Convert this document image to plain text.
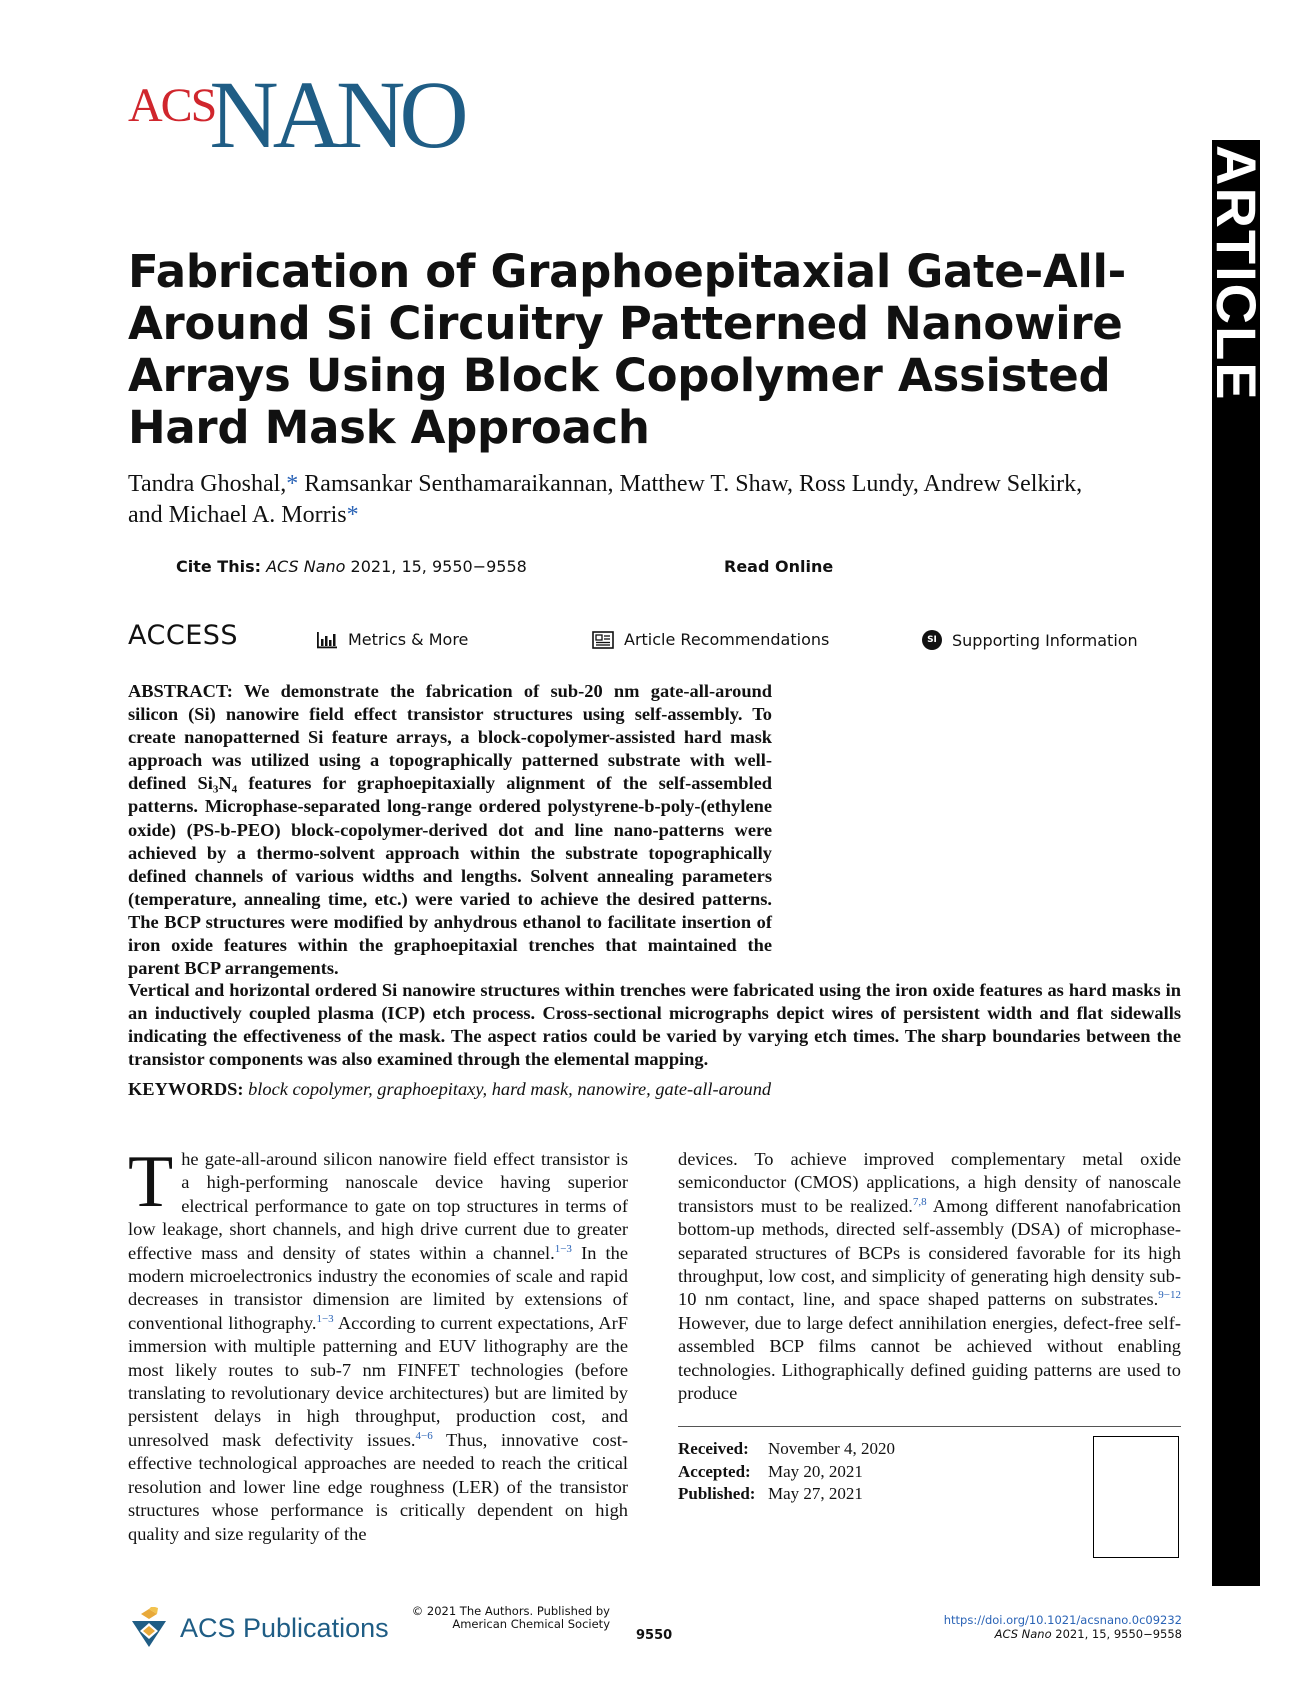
ACSNANO
ARTICLE
Fabrication of Graphoepitaxial Gate-All-Around Si Circuitry Patterned Nanowire Arrays Using Block Copolymer Assisted Hard Mask Approach
Tandra Ghoshal,* Ramsankar Senthamaraikannan, Matthew T. Shaw, Ross Lundy, Andrew Selkirk,
and Michael A. Morris*
Cite This: ACS Nano 2021, 15, 9550−9558	Read Online
ACCESS	Metrics & More	Article Recommendations	SI Supporting Information

ABSTRACT: We demonstrate the fabrication of sub-20 nm gate-all-around silicon (Si) nanowire field effect transistor structures using self-assembly. To create nanopatterned Si feature arrays, a block-copolymer-assisted hard mask approach was utilized using a topographically patterned substrate with well-defined Si₃N₄ features for graphoepitaxially alignment of the self-assembled patterns. Microphase-separated long-range ordered polystyrene-b-poly-(ethylene oxide) (PS-b-PEO) block-copolymer-derived dot and line nano-patterns were achieved by a thermo-solvent approach within the substrate topographically defined channels of various widths and lengths. Solvent annealing parameters (temperature, annealing time, etc.) were varied to achieve the desired patterns. The BCP structures were modified by anhydrous ethanol to facilitate insertion of iron oxide features within the graphoepitaxial trenches that maintained the parent BCP arrangements.

Vertical and horizontal ordered Si nanowire structures within trenches were fabricated using the iron oxide features as hard masks in an inductively coupled plasma (ICP) etch process. Cross-sectional micrographs depict wires of persistent width and flat sidewalls indicating the effectiveness of the mask. The aspect ratios could be varied by varying etch times. The sharp boundaries between the transistor components was also examined through the elemental mapping.

KEYWORDS: block copolymer, graphoepitaxy, hard mask, nanowire, gate-all-around
The gate-all-around silicon nanowire field effect transistor is a high-performing nanoscale device having superior electrical performance to gate on top structures in terms of low leakage, short channels, and high drive current due to greater effective mass and density of states within a channel.$^{1-3}$ In the modern microelectronics industry the economies of scale and rapid decreases in transistor dimension are limited by extensions of conventional lithography.$^{1-3}$ According to current expectations, ArF immersion with multiple patterning and EUV lithography are the most likely routes to sub-7 nm FINFET technologies (before translating to revolutionary device architectures) but are limited by persistent delays in high throughput, production cost, and unresolved mask defectivity issues.$^{4-6}$ Thus, innovative cost-effective technological approaches are needed to reach the critical resolution and lower line edge roughness (LER) of the transistor structures whose performance is critically dependent on high quality and size regularity of the
devices. To achieve improved complementary metal oxide semiconductor (CMOS) applications, a high density of nanoscale transistors must to be realized.$^{7,8}$ Among different nanofabrication bottom-up methods, directed self-assembly (DSA) of microphase-separated structures of BCPs is considered favorable for its high throughput, low cost, and simplicity of generating high density sub-10 nm contact, line, and space shaped patterns on substrates.$^{9-12}$ However, due to large defect annihilation energies, defect-free self-assembled BCP films cannot be achieved without enabling technologies. Lithographically defined guiding patterns are used to produce
Received: November 4, 2020
Accepted: May 20, 2021
Published: May 27, 2021
ACS Publications
© 2021 The Authors. Published by
American Chemical Society
9550
https://doi.org/10.1021/acsnano.0c09232
ACS Nano 2021, 15, 9550−9558
